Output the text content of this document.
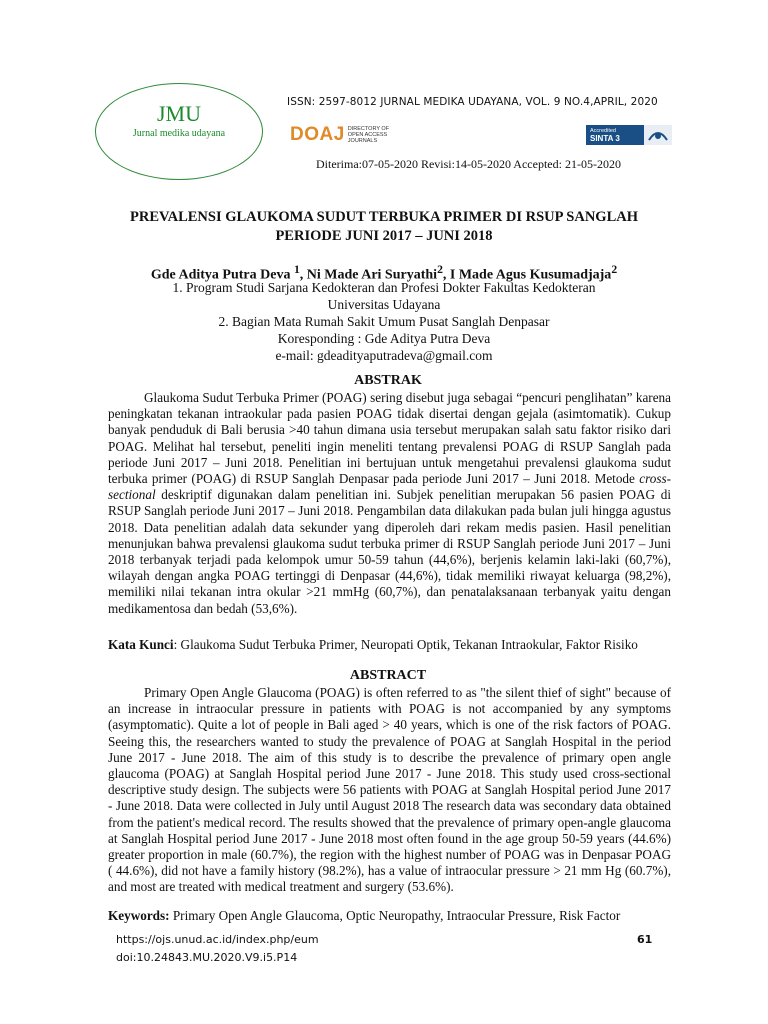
JMU
Jurnal medika udayana
ISSN: 2597-8012 JURNAL MEDIKA UDAYANA, VOL. 9 NO.4,APRIL, 2020
DOAJ DIRECTORY OF
OPEN ACCESS
JOURNALS
Accredited
SINTA 3
Diterima:07-05-2020 Revisi:14-05-2020 Accepted: 21-05-2020
PREVALENSI GLAUKOMA SUDUT TERBUKA PRIMER DI RSUP SANGLAH
PERIODE JUNI 2017 – JUNI 2018
Gde Aditya Putra Deva $^1$, Ni Made Ari Suryathi$^2$, I Made Agus Kusumadjaja$^2$
1. Program Studi Sarjana Kedokteran dan Profesi Dokter Fakultas Kedokteran
Universitas Udayana
2. Bagian Mata Rumah Sakit Umum Pusat Sanglah Denpasar
Koresponding : Gde Aditya Putra Deva
e-mail: gdeadityaputradeva@gmail.com
ABSTRAK
Glaukoma Sudut Terbuka Primer (POAG) sering disebut juga sebagai “pencuri penglihatan” karena peningkatan tekanan intraokular pada pasien POAG tidak disertai dengan gejala (asimtomatik). Cukup banyak penduduk di Bali berusia >40 tahun dimana usia tersebut merupakan salah satu faktor risiko dari POAG. Melihat hal tersebut, peneliti ingin meneliti tentang prevalensi POAG di RSUP Sanglah pada periode Juni 2017 – Juni 2018. Penelitian ini bertujuan untuk mengetahui prevalensi glaukoma sudut terbuka primer (POAG) di RSUP Sanglah Denpasar pada periode Juni 2017 – Juni 2018. Metode cross-sectional deskriptif digunakan dalam penelitian ini. Subjek penelitian merupakan 56 pasien POAG di RSUP Sanglah periode Juni 2017 – Juni 2018. Pengambilan data dilakukan pada bulan juli hingga agustus 2018. Data penelitian adalah data sekunder yang diperoleh dari rekam medis pasien. Hasil penelitian menunjukan bahwa prevalensi glaukoma sudut terbuka primer di RSUP Sanglah periode Juni 2017 – Juni 2018 terbanyak terjadi pada kelompok umur 50-59 tahun (44,6%), berjenis kelamin laki-laki (60,7%), wilayah dengan angka POAG tertinggi di Denpasar (44,6%), tidak memiliki riwayat keluarga (98,2%), memiliki nilai tekanan intra okular >21 mmHg (60,7%), dan penatalaksanaan terbanyak yaitu dengan medikamentosa dan bedah (53,6%).
Kata Kunci: Glaukoma Sudut Terbuka Primer, Neuropati Optik, Tekanan Intraokular, Faktor Risiko
ABSTRACT
Primary Open Angle Glaucoma (POAG) is often referred to as "the silent thief of sight" because of an increase in intraocular pressure in patients with POAG is not accompanied by any symptoms (asymptomatic). Quite a lot of people in Bali aged > 40 years, which is one of the risk factors of POAG. Seeing this, the researchers wanted to study the prevalence of POAG at Sanglah Hospital in the period June 2017 - June 2018. The aim of this study is to describe the prevalence of primary open angle glaucoma (POAG) at Sanglah Hospital period June 2017 - June 2018. This study used cross-sectional descriptive study design. The subjects were 56 patients with POAG at Sanglah Hospital period June 2017 - June 2018. Data were collected in July until August 2018 The research data was secondary data obtained from the patient's medical record. The results showed that the prevalence of primary open-angle glaucoma at Sanglah Hospital period June 2017 - June 2018 most often found in the age group 50-59 years (44.6%) greater proportion in male (60.7%), the region with the highest number of POAG was in Denpasar POAG ( 44.6%), did not have a family history (98.2%), has a value of intraocular pressure > 21 mm Hg (60.7%), and most are treated with medical treatment and surgery (53.6%).
Keywords: Primary Open Angle Glaucoma, Optic Neuropathy, Intraocular Pressure, Risk Factor
https://ojs.unud.ac.id/index.php/eum
doi:10.24843.MU.2020.V9.i5.P14
61
